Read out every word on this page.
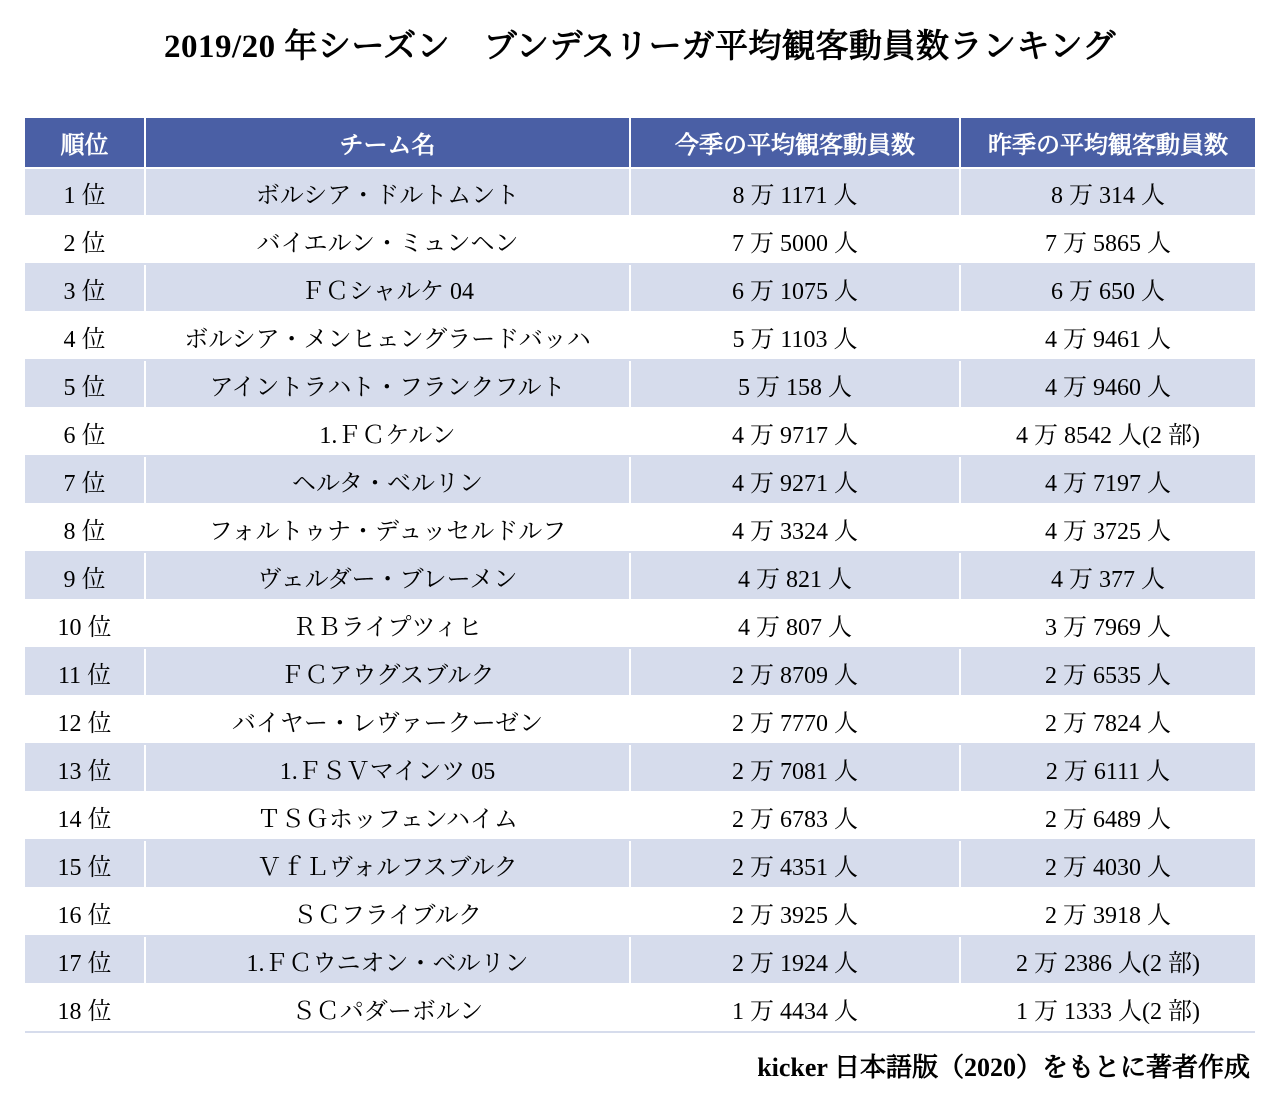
2019/20 年シーズン　ブンデスリーガ平均観客動員数ランキング
順位	チーム名	今季の平均観客動員数	昨季の平均観客動員数
1 位	ボルシア・ドルトムント	8 万 1171 人	8 万 314 人
2 位	バイエルン・ミュンヘン	7 万 5000 人	7 万 5865 人
3 位	ＦＣシャルケ 04	6 万 1075 人	6 万 650 人
4 位	ボルシア・メンヒェングラードバッハ	5 万 1103 人	4 万 9461 人
5 位	アイントラハト・フランクフルト	5 万 158 人	4 万 9460 人
6 位	1.ＦＣケルン	4 万 9717 人	4 万 8542 人(2 部)
7 位	ヘルタ・ベルリン	4 万 9271 人	4 万 7197 人
8 位	フォルトゥナ・デュッセルドルフ	4 万 3324 人	4 万 3725 人
9 位	ヴェルダー・ブレーメン	4 万 821 人	4 万 377 人
10 位	ＲＢライプツィヒ	4 万 807 人	3 万 7969 人
11 位	ＦＣアウグスブルク	2 万 8709 人	2 万 6535 人
12 位	バイヤー・レヴァークーゼン	2 万 7770 人	2 万 7824 人
13 位	1.ＦＳＶマインツ 05	2 万 7081 人	2 万 6111 人
14 位	ＴＳＧホッフェンハイム	2 万 6783 人	2 万 6489 人
15 位	ＶｆＬヴォルフスブルク	2 万 4351 人	2 万 4030 人
16 位	ＳＣフライブルク	2 万 3925 人	2 万 3918 人
17 位	1.ＦＣウニオン・ベルリン	2 万 1924 人	2 万 2386 人(2 部)
18 位	ＳＣパダーボルン	1 万 4434 人	1 万 1333 人(2 部)
kicker 日本語版（2020）をもとに著者作成
